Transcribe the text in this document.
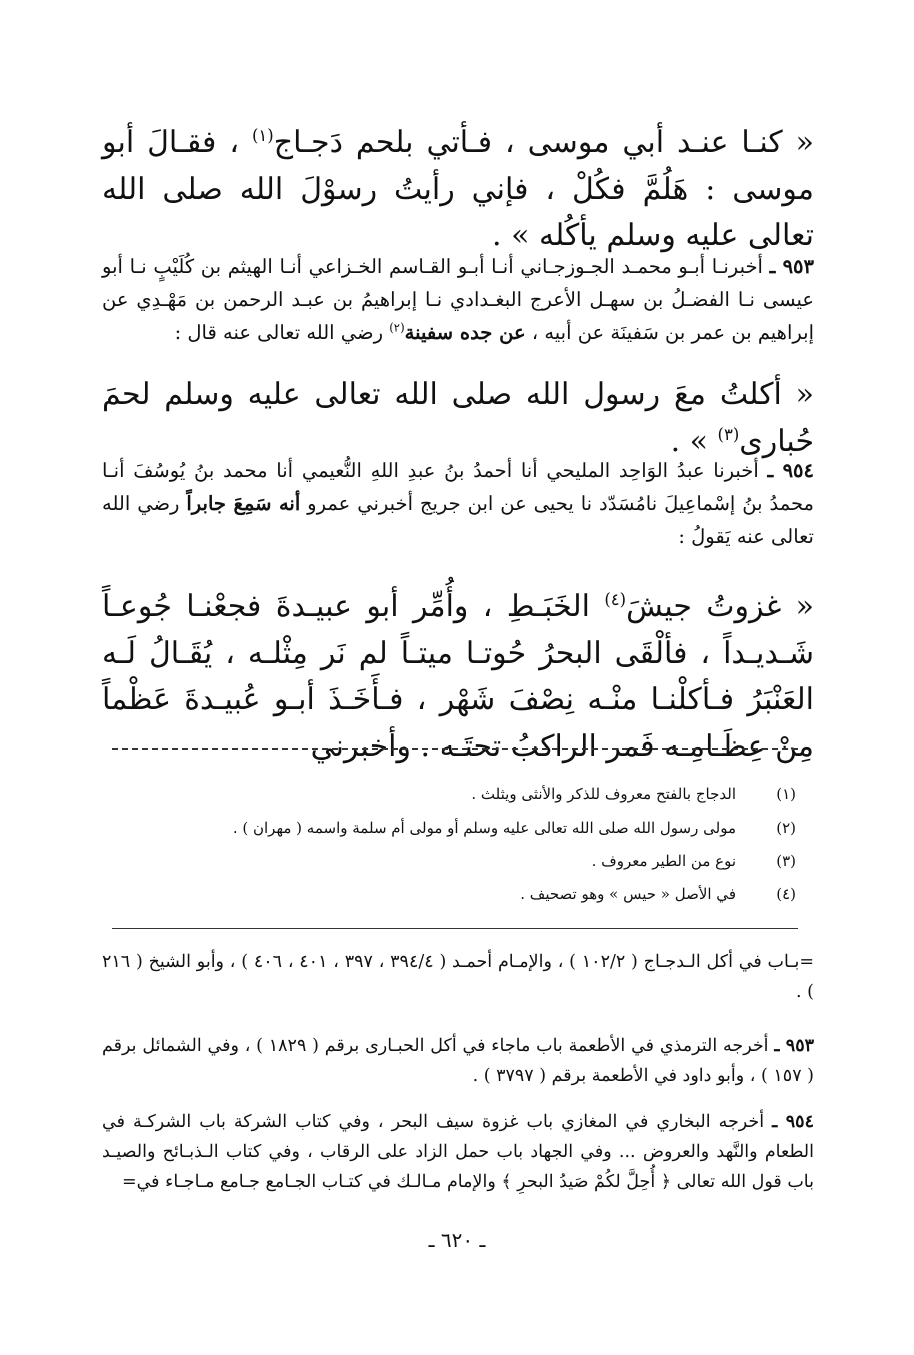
« كنـا عنـد أبي موسى ، فـأتي بلحم دَجـاج$^{(١)}$ ، فقـالَ أبو موسى : هَلُمَّ فكُلْ ، فإني رأيتُ رسوْلَ الله صلى الله تعالى عليه وسلم يأكُله » .
٩٥٣ ـ أخبرنـا أبـو محمـد الجـوزجـاني أنـا أبـو القـاسم الخـزاعي أنـا الهيثم بن كُلَيْبٍ نـا أبو عيسى نـا الفضـلُ بن سهـل الأعرج البغـدادي نـا إبراهيمُ بن عبـد الرحمن بن مَهْـدِي عن إبراهيم بن عمر بن سَفينَة عن أبيه ، عن جده سفينة$^{(٢)}$ رضي الله تعالى عنه قال :
« أكلتُ معَ رسول الله صلى الله تعالى عليه وسلم لحمَ حُبارى$^{(٣)}$ » .
٩٥٤ ـ أخبرنا عبدُ الوَاحِد المليحي أنا أحمدُ بنُ عبدِ اللهِ النُّعيمي أنا محمد بنُ يُوسُفَ أنـا محمدُ بنُ إسْماعِيلَ نامُسَدّد نا يحيى عن ابن جريج أخبرني عمرو أنه سَمِعَ جابراً رضي الله تعالى عنه يَقولُ :
« غزوتُ جيشَ$^{(٤)}$ الخَبَـطِ ، وأُمِّر أبو عبيـدةَ فجعْنـا جُوعـاً شَـديـداً ، فألْقَى البحرُ حُوتـا ميتـاً لم نَر مِثْلـه ، يُقَـالُ لَـه العَنْبَرُ فـأكلْنـا منْـه نِصْفَ شَهْر ، فـأَخَـذَ أبـو عُبيـدةَ عَظْماً مِنْ عِظَـامِـه فَمر الراكبُ تحتَـه . وأخبرني
(١)
الدجاج بالفتح معروف للذكر والأنثى ويثلث .
(٢)
مولى رسول الله صلى الله تعالى عليه وسلم أو مولى أم سلمة واسمه ( مهران ) .
(٣)
نوع من الطير معروف .
(٤)
في الأصل « حيس » وهو تصحيف .
=بـاب في أكل الـدجـاج ( ١٠٢/٢ ) ، والإمـام أحمـد ( ٣٩٤/٤ ، ٣٩٧ ، ٤٠١ ، ٤٠٦ ) ، وأبو الشيخ ( ٢١٦ ) .
٩٥٣ ـ أخرجه الترمذي في الأطعمة باب ماجاء في أكل الحبـارى برقم ( ١٨٢٩ ) ، وفي الشمائل برقم ( ١٥٧ ) ، وأبو داود في الأطعمة برقم ( ٣٧٩٧ ) .
٩٥٤ ـ أخرجه البخاري في المغازي باب غزوة سيف البحر ، وفي كتاب الشركة باب الشركـة في الطعام والنَّهد والعروض ... وفي الجهاد باب حمل الزاد على الرقاب ، وفي كتاب الـذبـائح والصيـد باب قول الله تعالى ﴿ أُحِلَّ لكُمْ صَيدُ البحرِ ﴾ والإمام مـالـك في كتـاب الجـامع جـامع مـاجـاء في=
ـ ٦٢٠ ـ
